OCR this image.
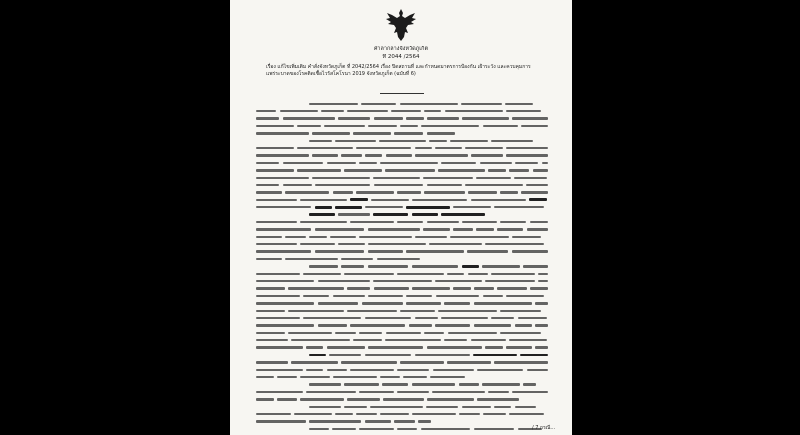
ศาลากลางจังหวัดภูเก็ต
ที่ 2044 /2564
เรื่อง แก้ไขเพิ่มเติม คำสั่งจังหวัดภูเก็ต ที่ 2042/2564 เรื่อง ปิดสถานที่ และกำหนดมาตรการป้องกัน เฝ้าระวัง และควบคุมการแพร่ระบาดของโรคติดเชื้อไวรัสโคโรนา 2019 จังหวัดภูเก็ต (ฉบับที่ 6)
/ 7 กรณี...
